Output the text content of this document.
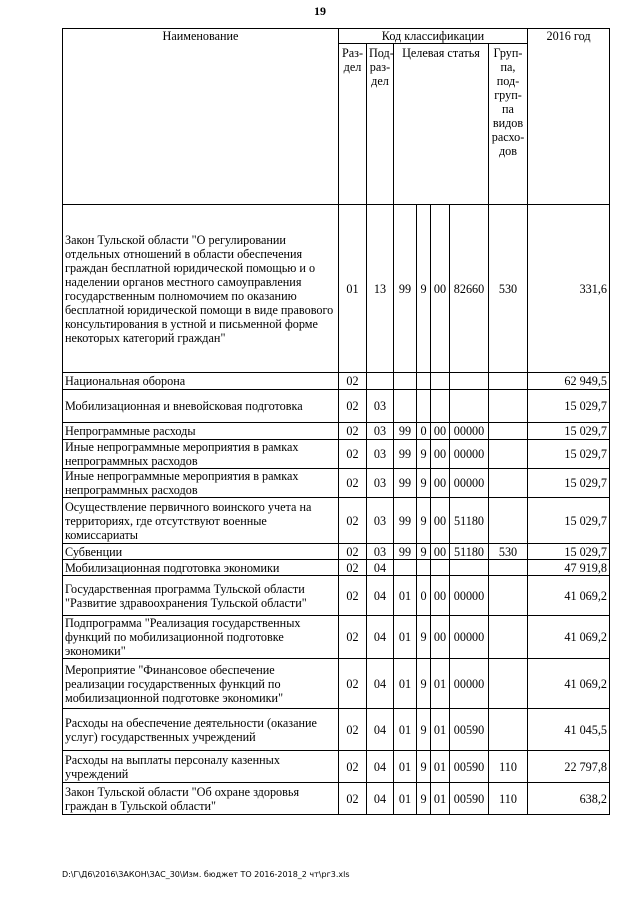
19
Наименование	Код классификации							2016 год
	Раз-дел	Под-раз-дел	Целевая статья				Груп-па, под-груп-па видов расхо-дов	
Закон Тульской области "О регулировании отдельных отношений в области обеспечения граждан бесплатной юридической помощью и о наделении органов местного самоуправления государственным полномочием по оказанию бесплатной юридической помощи в виде правового консультирования в устной и письменной форме некоторых категорий граждан"	01	13	99	9	00	82660	530	331,6
Национальная оборона	02							62 949,5
Мобилизационная и вневойсковая подготовка	02	03						15 029,7
Непрограммные расходы	02	03	99	0	00	00000		15 029,7
Иные непрограммные мероприятия в рамках непрограммных расходов	02	03	99	9	00	00000		15 029,7
Иные непрограммные мероприятия в рамках непрограммных расходов	02	03	99	9	00	00000		15 029,7
Осуществление первичного воинского учета на территориях, где отсутствуют военные комиссариаты	02	03	99	9	00	51180		15 029,7
Субвенции	02	03	99	9	00	51180	530	15 029,7
Мобилизационная подготовка экономики	02	04						47 919,8
Государственная программа Тульской области "Развитие здравоохранения Тульской области"	02	04	01	0	00	00000		41 069,2
Подпрограмма "Реализация государственных функций по мобилизационной подготовке экономики"	02	04	01	9	00	00000		41 069,2
Мероприятие "Финансовое обеспечение реализации государственных функций по мобилизационной подготовке экономики"	02	04	01	9	01	00000		41 069,2
Расходы на обеспечение деятельности (оказание услуг) государственных учреждений	02	04	01	9	01	00590		41 045,5
Расходы на выплаты персоналу казенных учреждений	02	04	01	9	01	00590	110	22 797,8
Закон Тульской области "Об охране здоровья граждан в Тульской области"	02	04	01	9	01	00590	110	638,2
D:\Г\Д6\2016\ЗАКОН\ЗАС_30\Изм. бюджет ТО 2016-2018_2 чт\рг3.xls
